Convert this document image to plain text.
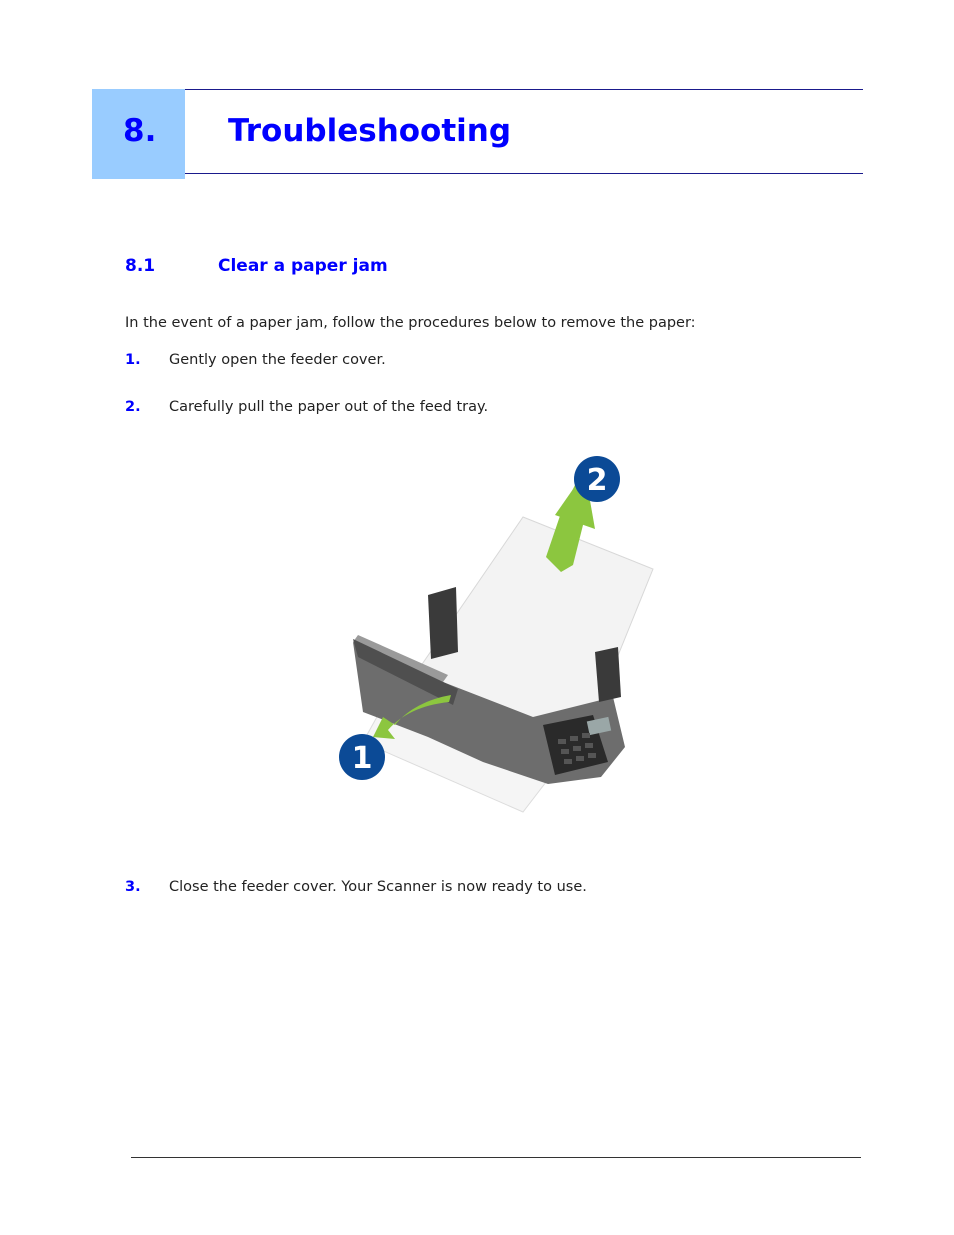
8. Troubleshooting
8.1	Clear a paper jam
In the event of a paper jam, follow the procedures below to remove the paper:
1. Gently open the feeder cover.
2. Carefully pull the paper out of the feed tray.
2
1
3. Close the feeder cover. Your Scanner is now ready to use.
